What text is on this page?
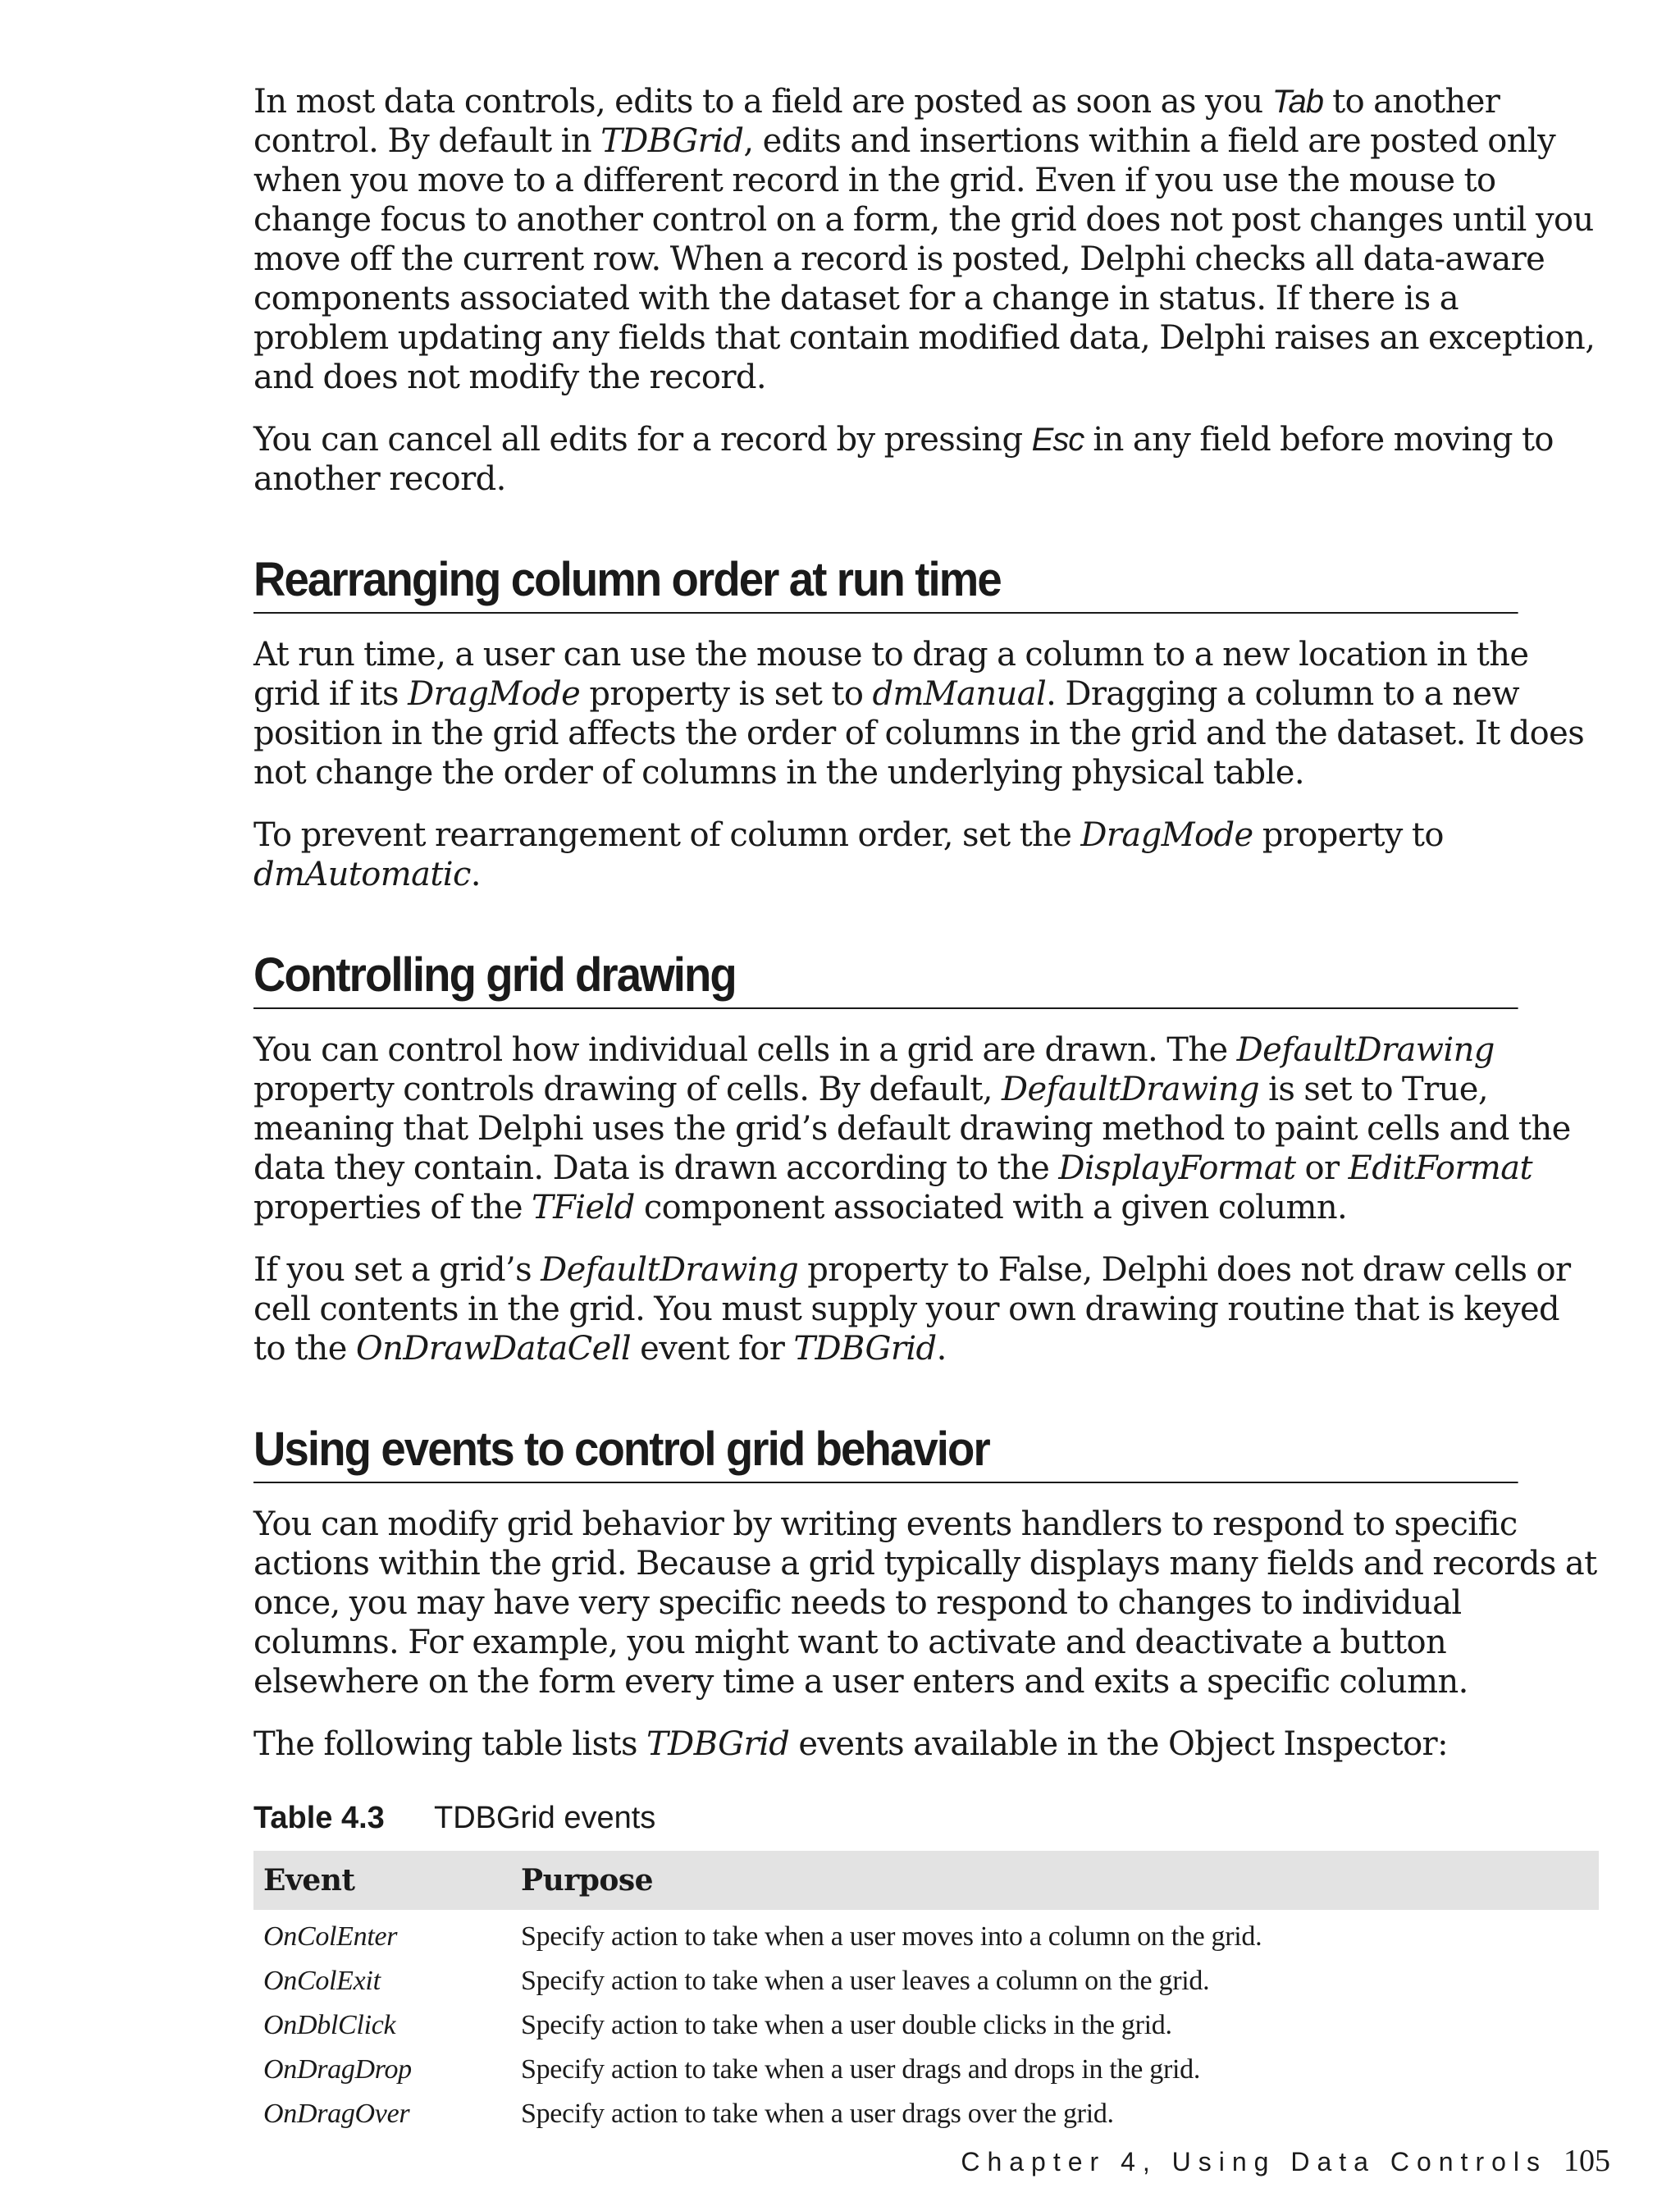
In most data controls, edits to a field are posted as soon as you Tab to another control. By default in TDBGrid, edits and insertions within a field are posted only when you move to a different record in the grid. Even if you use the mouse to change focus to another control on a form, the grid does not post changes until you move off the current row. When a record is posted, Delphi checks all data-aware components associated with the dataset for a change in status. If there is a problem updating any fields that contain modified data, Delphi raises an exception, and does not modify the record.

You can cancel all edits for a record by pressing Esc in any field before moving to another record.

Rearranging column order at run time

At run time, a user can use the mouse to drag a column to a new location in the grid if its DragMode property is set to dmManual. Dragging a column to a new position in the grid affects the order of columns in the grid and the dataset. It does not change the order of columns in the underlying physical table.

To prevent rearrangement of column order, set the DragMode property to dmAutomatic.

Controlling grid drawing

You can control how individual cells in a grid are drawn. The DefaultDrawing property controls drawing of cells. By default, DefaultDrawing is set to True, meaning that Delphi uses the grid’s default drawing method to paint cells and the data they contain. Data is drawn according to the DisplayFormat or EditFormat properties of the TField component associated with a given column.

If you set a grid’s DefaultDrawing property to False, Delphi does not draw cells or cell contents in the grid. You must supply your own drawing routine that is keyed to the OnDrawDataCell event for TDBGrid.

Using events to control grid behavior

You can modify grid behavior by writing events handlers to respond to specific actions within the grid. Because a grid typically displays many fields and records at once, you may have very specific needs to respond to changes to individual columns. For example, you might want to activate and deactivate a button elsewhere on the form every time a user enters and exits a specific column.

The following table lists TDBGrid events available in the Object Inspector:

Table 4.3 TDBGrid events
Event	Purpose
OnColEnter	Specify action to take when a user moves into a column on the grid.
OnColExit	Specify action to take when a user leaves a column on the grid.
OnDblClick	Specify action to take when a user double clicks in the grid.
OnDragDrop	Specify action to take when a user drags and drops in the grid.
OnDragOver	Specify action to take when a user drags over the grid.
Chapter 4, Using Data Controls 105
